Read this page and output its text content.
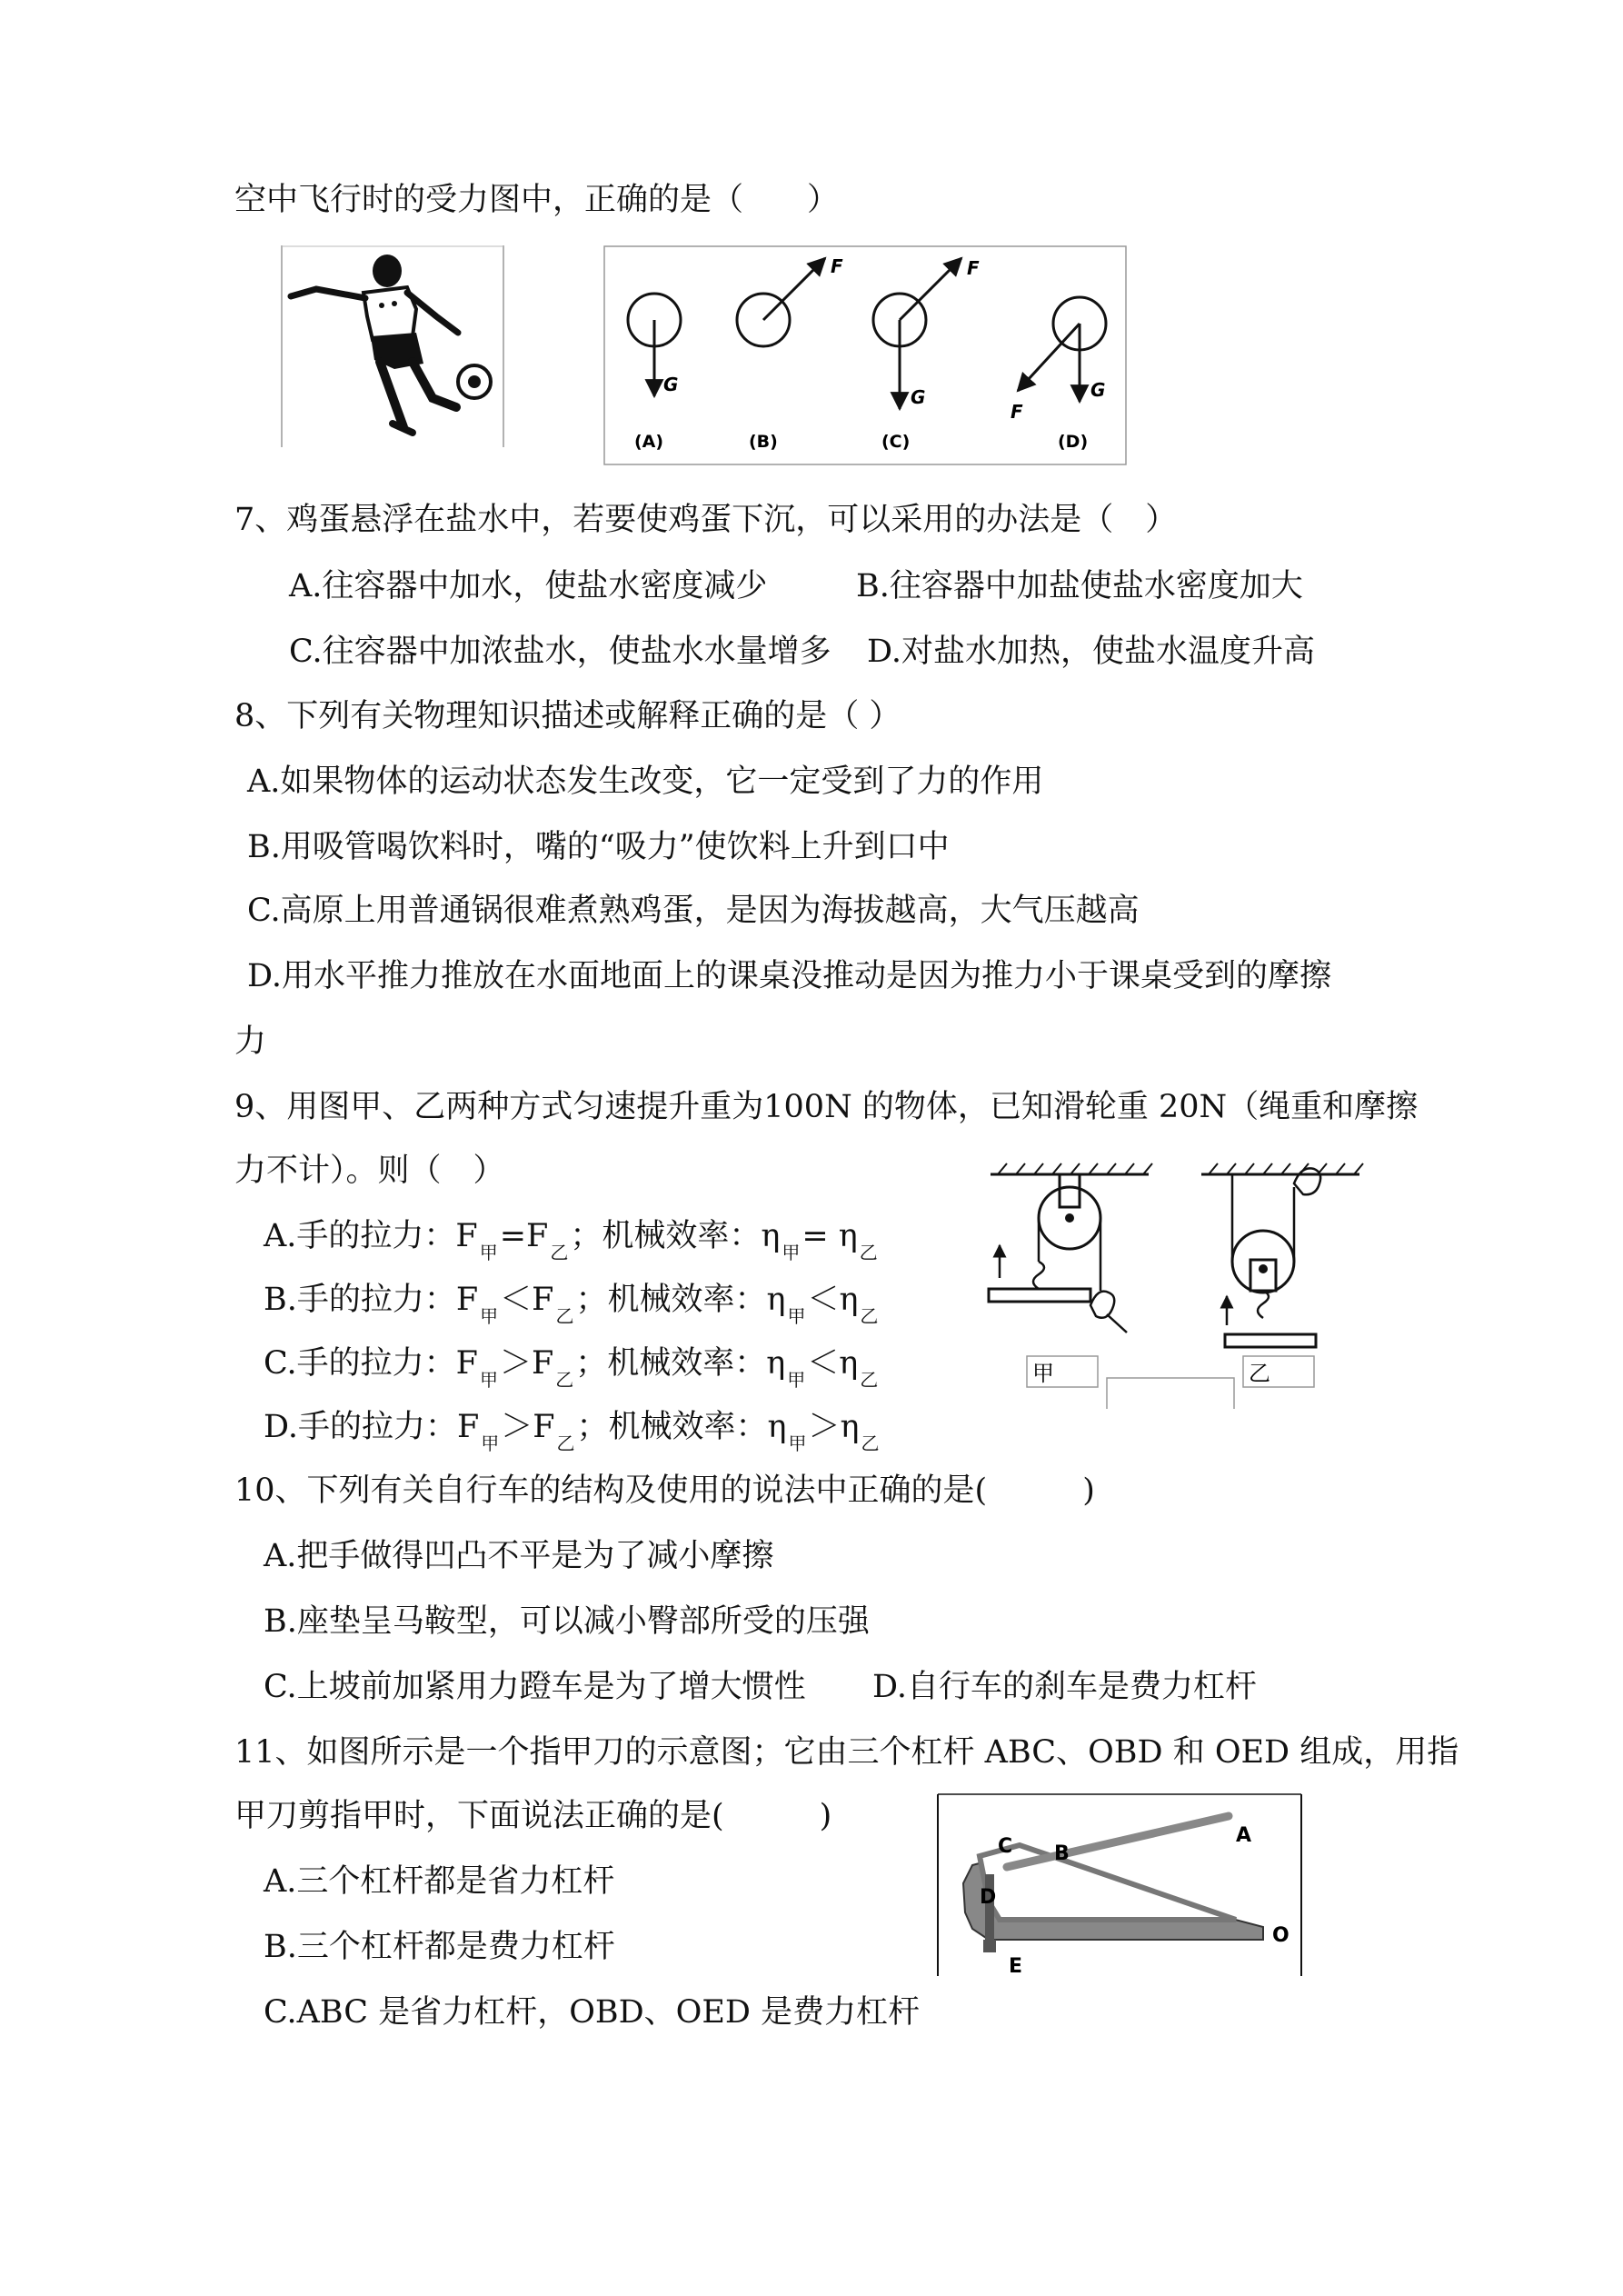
空中飞行时的受力图中，正确的是（　　）
G
F	F
G	G
F
(A)	(B)	(C)	(D)
7、鸡蛋悬浮在盐水中，若要使鸡蛋下沉，可以采用的办法是（　）
A.往容器中加水，使盐水密度减少	B.往容器中加盐使盐水密度加大
C.往容器中加浓盐水，使盐水水量增多 D.对盐水加热，使盐水温度升高
8、下列有关物理知识描述或解释正确的是（ ）
A.如果物体的运动状态发生改变，它一定受到了力的作用
B.用吸管喝饮料时，嘴的“吸力”使饮料上升到口中
C.高原上用普通锅很难煮熟鸡蛋，是因为海拔越高，大气压越高
D.用水平推力推放在水面地面上的课桌没推动是因为推力小于课桌受到的摩擦
力
9、用图甲、乙两种方式匀速提升重为100N 的物体，已知滑轮重 20N（绳重和摩擦
力不计）。则（　）
A.手的拉力：F $_甲$=F $_乙$；机械效率：η $_甲$= η $_乙$
B.手的拉力：F $_甲$＜F $_乙$；机械效率：η $_甲$＜η $_乙$
C.手的拉力：F $_甲$＞F $_乙$；机械效率：η $_甲$＜η $_乙$
D.手的拉力：F $_甲$＞F $_乙$；机械效率：η $_甲$＞η $_乙$
甲	乙
10、下列有关自行车的结构及使用的说法中正确的是(　　　)
A.把手做得凹凸不平是为了减小摩擦
B.座垫呈马鞍型，可以减小臀部所受的压强
C.上坡前加紧用力蹬车是为了增大惯性 D.自行车的刹车是费力杠杆
11、如图所示是一个指甲刀的示意图；它由三个杠杆 ABC、OBD 和 OED 组成，用指
甲刀剪指甲时，下面说法正确的是(　　　)
A.三个杠杆都是省力杠杆
B.三个杠杆都是费力杠杆
C.ABC 是省力杠杆，OBD、OED 是费力杠杆
C B
A
D
E
O
